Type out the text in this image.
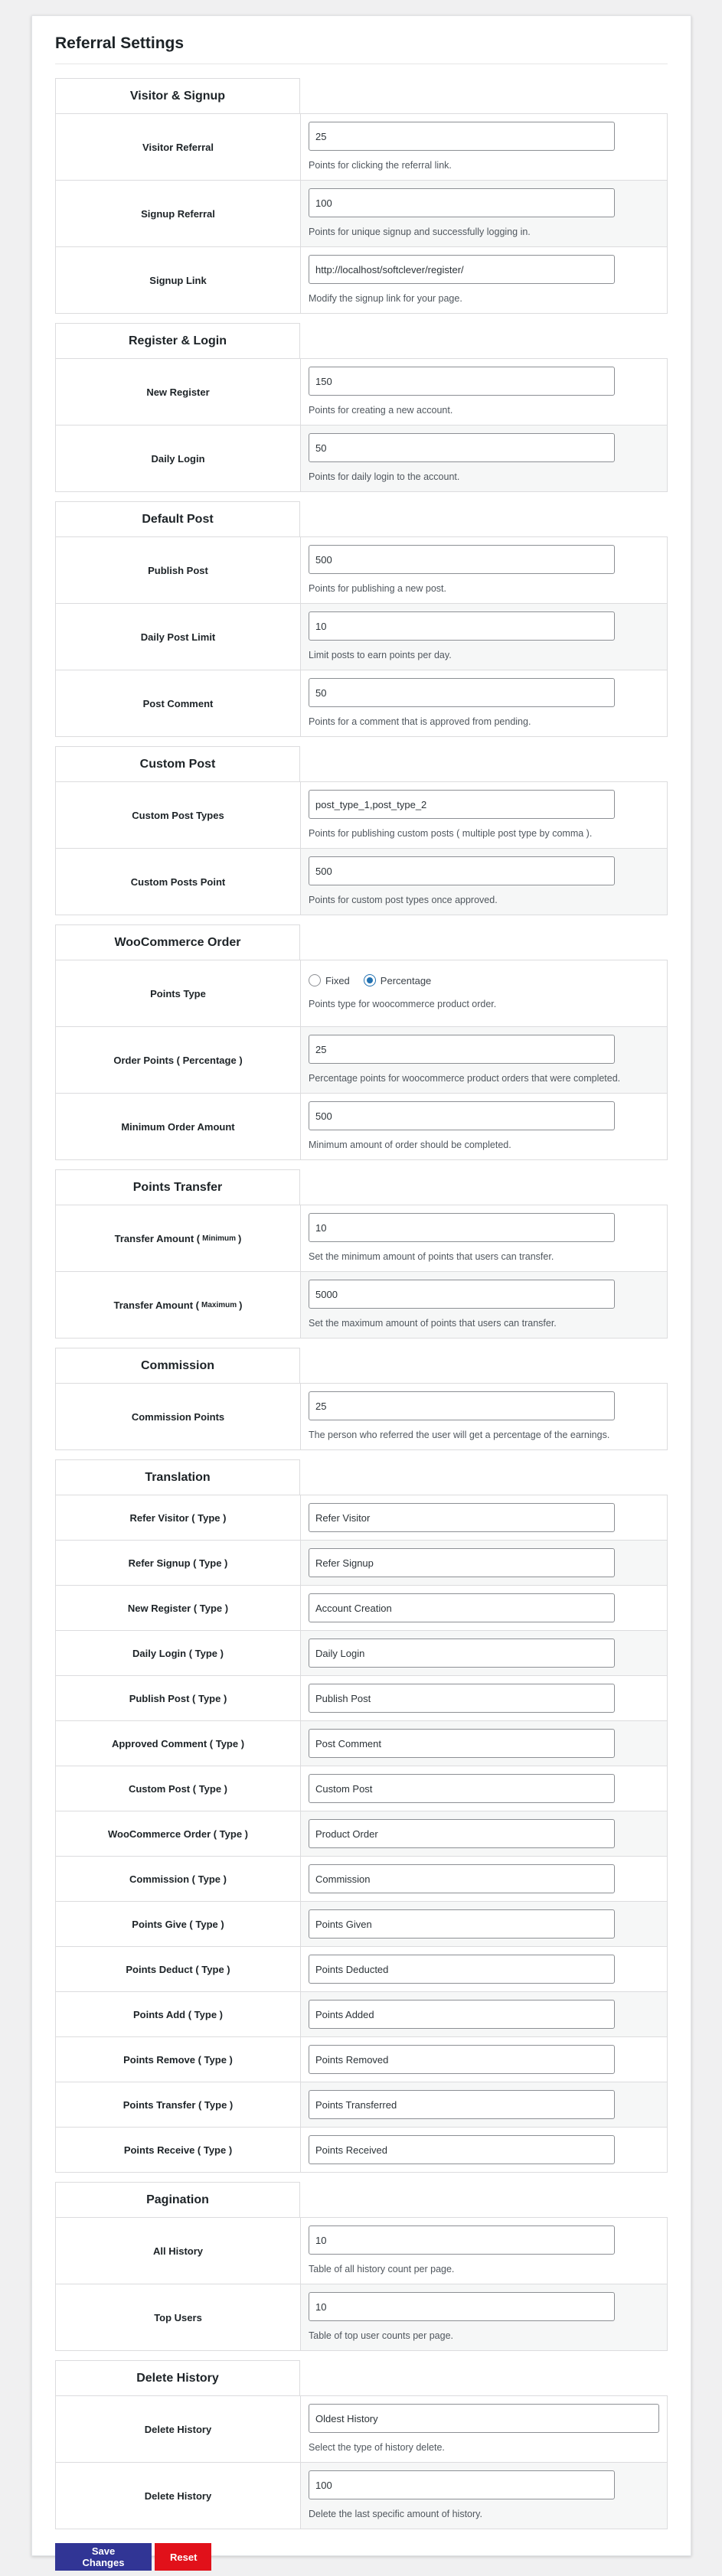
Referral Settings
Visitor & Signup
Visitor Referral
25

Points for clicking the referral link.

Signup Referral
100

Points for unique signup and successfully logging in.

Signup Link
http://localhost/softclever/register/

Modify the signup link for your page.

Register & Login
New Register
150

Points for creating a new account.

Daily Login
50

Points for daily login to the account.

Default Post
Publish Post
500

Points for publishing a new post.

Daily Post Limit
10

Limit posts to earn points per day.

Post Comment
50

Points for a comment that is approved from pending.

Custom Post
Custom Post Types
post_type_1,post_type_2

Points for publishing custom posts ( multiple post type by comma ).

Custom Posts Point
500

Points for custom post types once approved.

WooCommerce Order
Points Type
Fixed	Percentage

Points type for woocommerce product order.

Order Points ( Percentage )
25

Percentage points for woocommerce product orders that were completed.

Minimum Order Amount
500

Minimum amount of order should be completed.

Points Transfer
Transfer Amount ( Minimum )
10

Set the minimum amount of points that users can transfer.

Transfer Amount ( Maximum )
5000

Set the maximum amount of points that users can transfer.

Commission
Commission Points
25

The person who referred the user will get a percentage of the earnings.

Translation
Refer Visitor ( Type )
Refer Visitor
Refer Signup ( Type )
Refer Signup
New Register ( Type )
Account Creation
Daily Login ( Type )
Daily Login
Publish Post ( Type )
Publish Post
Approved Comment ( Type )
Post Comment
Custom Post ( Type )
Custom Post
WooCommerce Order ( Type )
Product Order
Commission ( Type )
Commission
Points Give ( Type )
Points Given
Points Deduct ( Type )
Points Deducted
Points Add ( Type )
Points Added
Points Remove ( Type )
Points Removed
Points Transfer ( Type )
Points Transferred
Points Receive ( Type )
Points Received
Pagination
All History
10

Table of all history count per page.

Top Users
10

Table of top user counts per page.

Delete History
Delete History
Oldest History

Select the type of history delete.

Delete History
100

Delete the last specific amount of history.

Save Changes	Reset
